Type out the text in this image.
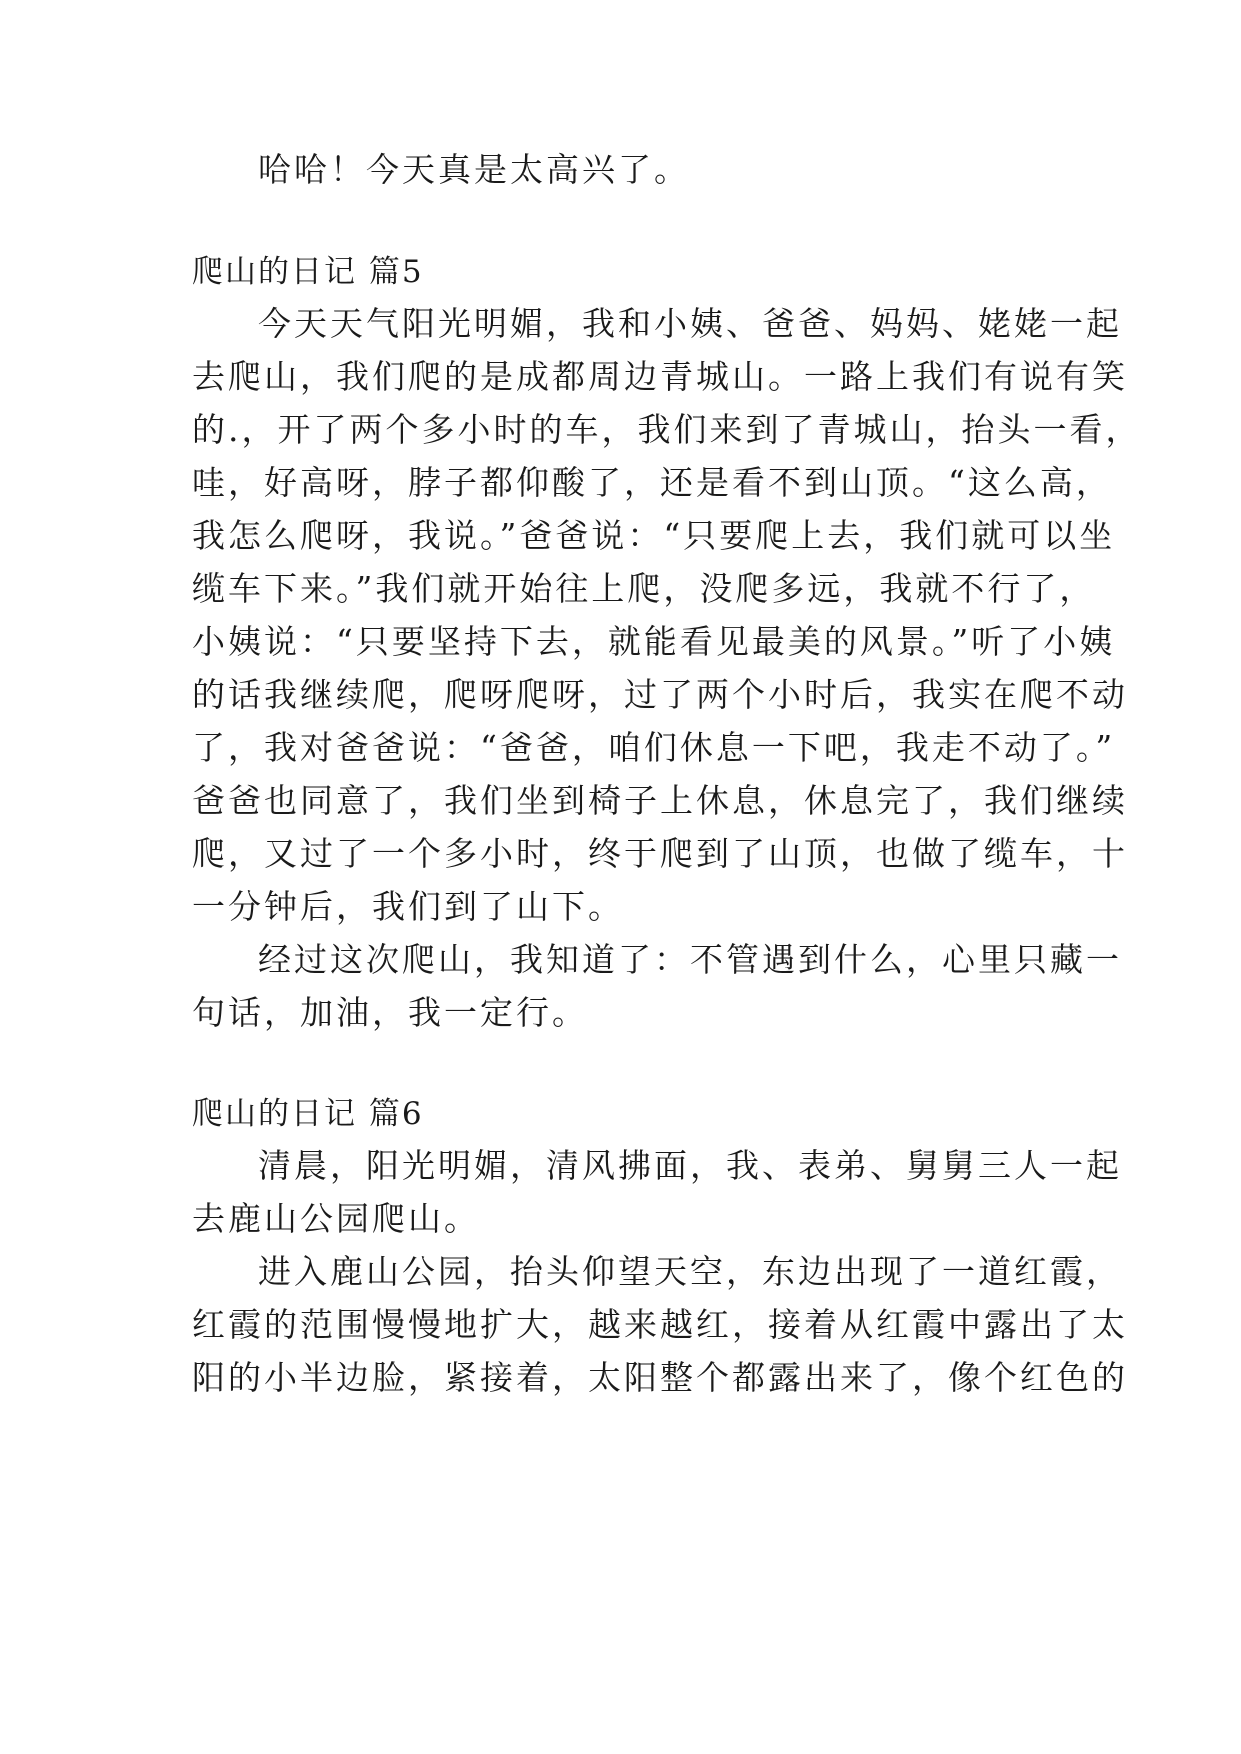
哈哈！今天真是太高兴了。
爬山的日记 篇5
今天天气阳光明媚，我和小姨、爸爸、妈妈、姥姥一起
去爬山，我们爬的是成都周边青城山。一路上我们有说有笑
的.，开了两个多小时的车，我们来到了青城山，抬头一看，
哇，好高呀，脖子都仰酸了，还是看不到山顶。“这么高，
我怎么爬呀，我说。”爸爸说：“只要爬上去，我们就可以坐
缆车下来。”我们就开始往上爬，没爬多远，我就不行了，
小姨说：“只要坚持下去，就能看见最美的风景。”听了小姨
的话我继续爬，爬呀爬呀，过了两个小时后，我实在爬不动
了，我对爸爸说：“爸爸，咱们休息一下吧，我走不动了。”
爸爸也同意了，我们坐到椅子上休息，休息完了，我们继续
爬，又过了一个多小时，终于爬到了山顶，也做了缆车，十
一分钟后，我们到了山下。
经过这次爬山，我知道了：不管遇到什么，心里只藏一
句话，加油，我一定行。
爬山的日记 篇6
清晨，阳光明媚，清风拂面，我、表弟、舅舅三人一起
去鹿山公园爬山。
进入鹿山公园，抬头仰望天空，东边出现了一道红霞，
红霞的范围慢慢地扩大，越来越红，接着从红霞中露出了太
阳的小半边脸，紧接着，太阳整个都露出来了，像个红色的
